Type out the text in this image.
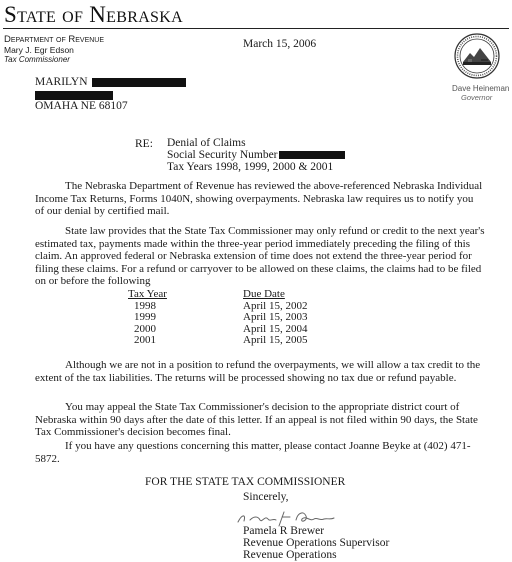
State of Nebraska
Department of Revenue
Mary J. Egr Edson
Tax Commissioner
March 15, 2006
Dave Heineman
Governor
MARILYN
OMAHA NE 68107
RE: Denial of Claims
Social Security Number
Tax Years 1998, 1999, 2000 & 2001

The Nebraska Department of Revenue has reviewed the above-referenced Nebraska Individual Income Tax Returns, Forms 1040N, showing overpayments. Nebraska law requires us to notify you of our denial by certified mail.

State law provides that the State Tax Commissioner may only refund or credit to the next year's estimated tax, payments made within the three-year period immediately preceding the filing of this claim. An approved federal or Nebraska extension of time does not extend the three-year period for filing these claims. For a refund or carryover to be allowed on these claims, the claims had to be filed on or before the following

Tax Year	Due Date
1998	April 15, 2002
1999	April 15, 2003
2000	April 15, 2004
2001	April 15, 2005

Although we are not in a position to refund the overpayments, we will allow a tax credit to the extent of the tax liabilities. The returns will be processed showing no tax due or refund payable.

You may appeal the State Tax Commissioner's decision to the appropriate district court of Nebraska within 90 days after the date of this letter. If an appeal is not filed within 90 days, the State Tax Commissioner's decision becomes final.

If you have any questions concerning this matter, please contact Joanne Beyke at (402) 471-5872.

FOR THE STATE TAX COMMISSIONER
Sincerely,
Pamela R Brewer
Pamela R Brewer
Revenue Operations Supervisor
Revenue Operations
